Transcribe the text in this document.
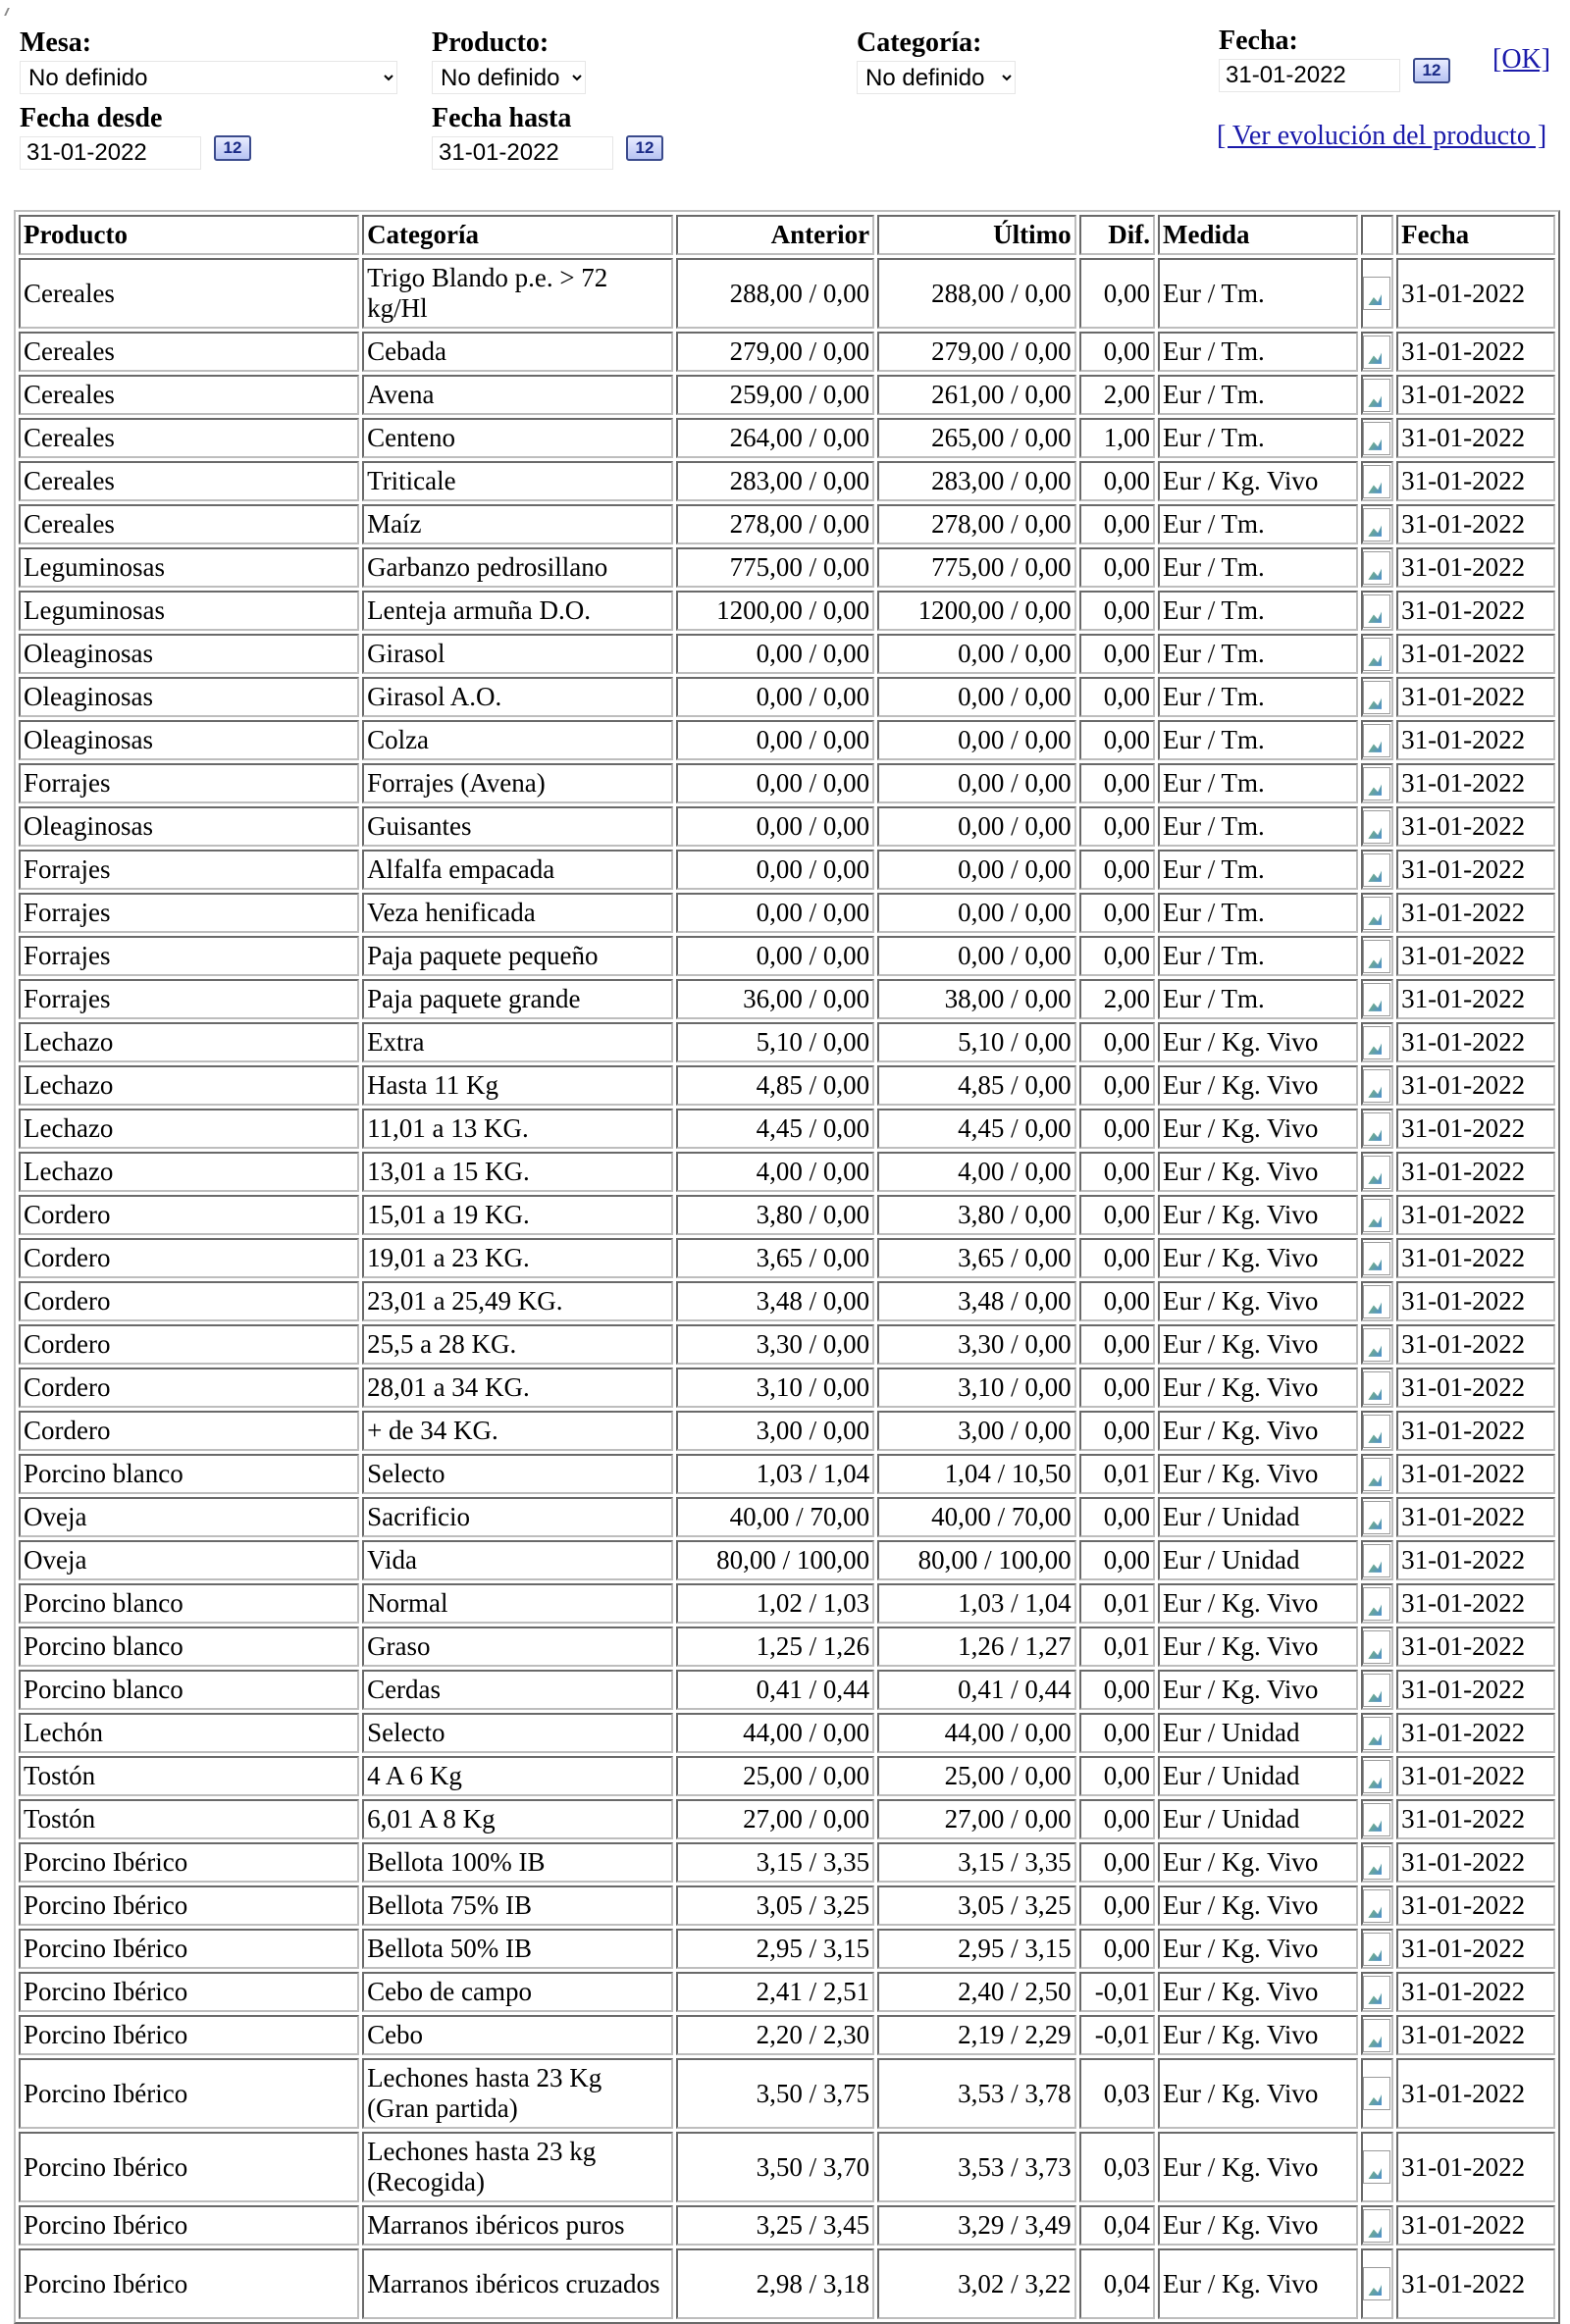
Mesa:
No definido	Producto:
No definido	Categoría:
No definido	Fecha:
31-01-2022
12	[OK]
Fecha desde
31-01-2022
12
Fecha hasta
31-01-2022
12	[ Ver evolución del producto ]
Producto	Categoría	Anterior	Último	Dif.	Medida		Fecha
Cereales	Trigo Blando p.e. > 72 kg/Hl	288,00 / 0,00	288,00 / 0,00	0,00	Eur / Tm.		31-01-2022
Cereales	Cebada	279,00 / 0,00	279,00 / 0,00	0,00	Eur / Tm.		31-01-2022
Cereales	Avena	259,00 / 0,00	261,00 / 0,00	2,00	Eur / Tm.		31-01-2022
Cereales	Centeno	264,00 / 0,00	265,00 / 0,00	1,00	Eur / Tm.		31-01-2022
Cereales	Triticale	283,00 / 0,00	283,00 / 0,00	0,00	Eur / Kg. Vivo		31-01-2022
Cereales	Maíz	278,00 / 0,00	278,00 / 0,00	0,00	Eur / Tm.		31-01-2022
Leguminosas	Garbanzo pedrosillano	775,00 / 0,00	775,00 / 0,00	0,00	Eur / Tm.		31-01-2022
Leguminosas	Lenteja armuña D.O.	1200,00 / 0,00	1200,00 / 0,00	0,00	Eur / Tm.		31-01-2022
Oleaginosas	Girasol	0,00 / 0,00	0,00 / 0,00	0,00	Eur / Tm.		31-01-2022
Oleaginosas	Girasol A.O.	0,00 / 0,00	0,00 / 0,00	0,00	Eur / Tm.		31-01-2022
Oleaginosas	Colza	0,00 / 0,00	0,00 / 0,00	0,00	Eur / Tm.		31-01-2022
Forrajes	Forrajes (Avena)	0,00 / 0,00	0,00 / 0,00	0,00	Eur / Tm.		31-01-2022
Oleaginosas	Guisantes	0,00 / 0,00	0,00 / 0,00	0,00	Eur / Tm.		31-01-2022
Forrajes	Alfalfa empacada	0,00 / 0,00	0,00 / 0,00	0,00	Eur / Tm.		31-01-2022
Forrajes	Veza henificada	0,00 / 0,00	0,00 / 0,00	0,00	Eur / Tm.		31-01-2022
Forrajes	Paja paquete pequeño	0,00 / 0,00	0,00 / 0,00	0,00	Eur / Tm.		31-01-2022
Forrajes	Paja paquete grande	36,00 / 0,00	38,00 / 0,00	2,00	Eur / Tm.		31-01-2022
Lechazo	Extra	5,10 / 0,00	5,10 / 0,00	0,00	Eur / Kg. Vivo		31-01-2022
Lechazo	Hasta 11 Kg	4,85 / 0,00	4,85 / 0,00	0,00	Eur / Kg. Vivo		31-01-2022
Lechazo	11,01 a 13 KG.	4,45 / 0,00	4,45 / 0,00	0,00	Eur / Kg. Vivo		31-01-2022
Lechazo	13,01 a 15 KG.	4,00 / 0,00	4,00 / 0,00	0,00	Eur / Kg. Vivo		31-01-2022
Cordero	15,01 a 19 KG.	3,80 / 0,00	3,80 / 0,00	0,00	Eur / Kg. Vivo		31-01-2022
Cordero	19,01 a 23 KG.	3,65 / 0,00	3,65 / 0,00	0,00	Eur / Kg. Vivo		31-01-2022
Cordero	23,01 a 25,49 KG.	3,48 / 0,00	3,48 / 0,00	0,00	Eur / Kg. Vivo		31-01-2022
Cordero	25,5 a 28 KG.	3,30 / 0,00	3,30 / 0,00	0,00	Eur / Kg. Vivo		31-01-2022
Cordero	28,01 a 34 KG.	3,10 / 0,00	3,10 / 0,00	0,00	Eur / Kg. Vivo		31-01-2022
Cordero	+ de 34 KG.	3,00 / 0,00	3,00 / 0,00	0,00	Eur / Kg. Vivo		31-01-2022
Porcino blanco	Selecto	1,03 / 1,04	1,04 / 10,50	0,01	Eur / Kg. Vivo		31-01-2022
Oveja	Sacrificio	40,00 / 70,00	40,00 / 70,00	0,00	Eur / Unidad		31-01-2022
Oveja	Vida	80,00 / 100,00	80,00 / 100,00	0,00	Eur / Unidad		31-01-2022
Porcino blanco	Normal	1,02 / 1,03	1,03 / 1,04	0,01	Eur / Kg. Vivo		31-01-2022
Porcino blanco	Graso	1,25 / 1,26	1,26 / 1,27	0,01	Eur / Kg. Vivo		31-01-2022
Porcino blanco	Cerdas	0,41 / 0,44	0,41 / 0,44	0,00	Eur / Kg. Vivo		31-01-2022
Lechón	Selecto	44,00 / 0,00	44,00 / 0,00	0,00	Eur / Unidad		31-01-2022
Tostón	4 A 6 Kg	25,00 / 0,00	25,00 / 0,00	0,00	Eur / Unidad		31-01-2022
Tostón	6,01 A 8 Kg	27,00 / 0,00	27,00 / 0,00	0,00	Eur / Unidad		31-01-2022
Porcino Ibérico	Bellota 100% IB	3,15 / 3,35	3,15 / 3,35	0,00	Eur / Kg. Vivo		31-01-2022
Porcino Ibérico	Bellota 75% IB	3,05 / 3,25	3,05 / 3,25	0,00	Eur / Kg. Vivo		31-01-2022
Porcino Ibérico	Bellota 50% IB	2,95 / 3,15	2,95 / 3,15	0,00	Eur / Kg. Vivo		31-01-2022
Porcino Ibérico	Cebo de campo	2,41 / 2,51	2,40 / 2,50	-0,01	Eur / Kg. Vivo		31-01-2022
Porcino Ibérico	Cebo	2,20 / 2,30	2,19 / 2,29	-0,01	Eur / Kg. Vivo		31-01-2022
Porcino Ibérico	Lechones hasta 23 Kg (Gran partida)	3,50 / 3,75	3,53 / 3,78	0,03	Eur / Kg. Vivo		31-01-2022
Porcino Ibérico	Lechones hasta 23 kg (Recogida)	3,50 / 3,70	3,53 / 3,73	0,03	Eur / Kg. Vivo		31-01-2022
Porcino Ibérico	Marranos ibéricos puros	3,25 / 3,45	3,29 / 3,49	0,04	Eur / Kg. Vivo		31-01-2022
Porcino Ibérico	Marranos ibéricos cruzados	2,98 / 3,18	3,02 / 3,22	0,04	Eur / Kg. Vivo		31-01-2022
